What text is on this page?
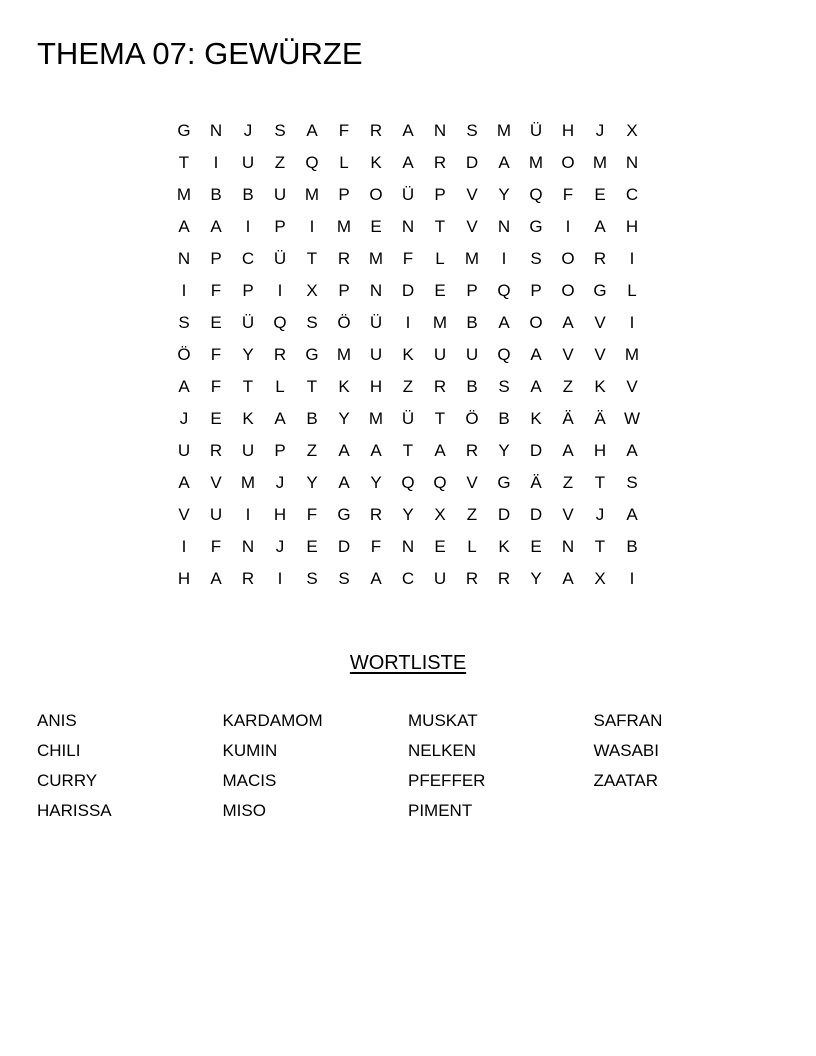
THEMA 07: GEWÜRZE
G	N	J	S	A	F	R	A	N	S	M	Ü	H	J	X
T	I	U	Z	Q	L	K	A	R	D	A	M	O	M	N
M	B	B	U	M	P	O	Ü	P	V	Y	Q	F	E	C
A	A	I	P	I	M	E	N	T	V	N	G	I	A	H
N	P	C	Ü	T	R	M	F	L	M	I	S	O	R	I
I	F	P	I	X	P	N	D	E	P	Q	P	O	G	L
S	E	Ü	Q	S	Ö	Ü	I	M	B	A	O	A	V	I
Ö	F	Y	R	G	M	U	K	U	U	Q	A	V	V	M
A	F	T	L	T	K	H	Z	R	B	S	A	Z	K	V
J	E	K	A	B	Y	M	Ü	T	Ö	B	K	Ä	Ä	W
U	R	U	P	Z	A	A	T	A	R	Y	D	A	H	A
A	V	M	J	Y	A	Y	Q	Q	V	G	Ä	Z	T	S
V	U	I	H	F	G	R	Y	X	Z	D	D	V	J	A
I	F	N	J	E	D	F	N	E	L	K	E	N	T	B
H	A	R	I	S	S	A	C	U	R	R	Y	A	X	I
WORTLISTE
ANIS
CHILI
CURRY
HARISSA
KARDAMOM
KUMIN
MACIS
MISO
MUSKAT
NELKEN
PFEFFER
PIMENT
SAFRAN
WASABI
ZAATAR
